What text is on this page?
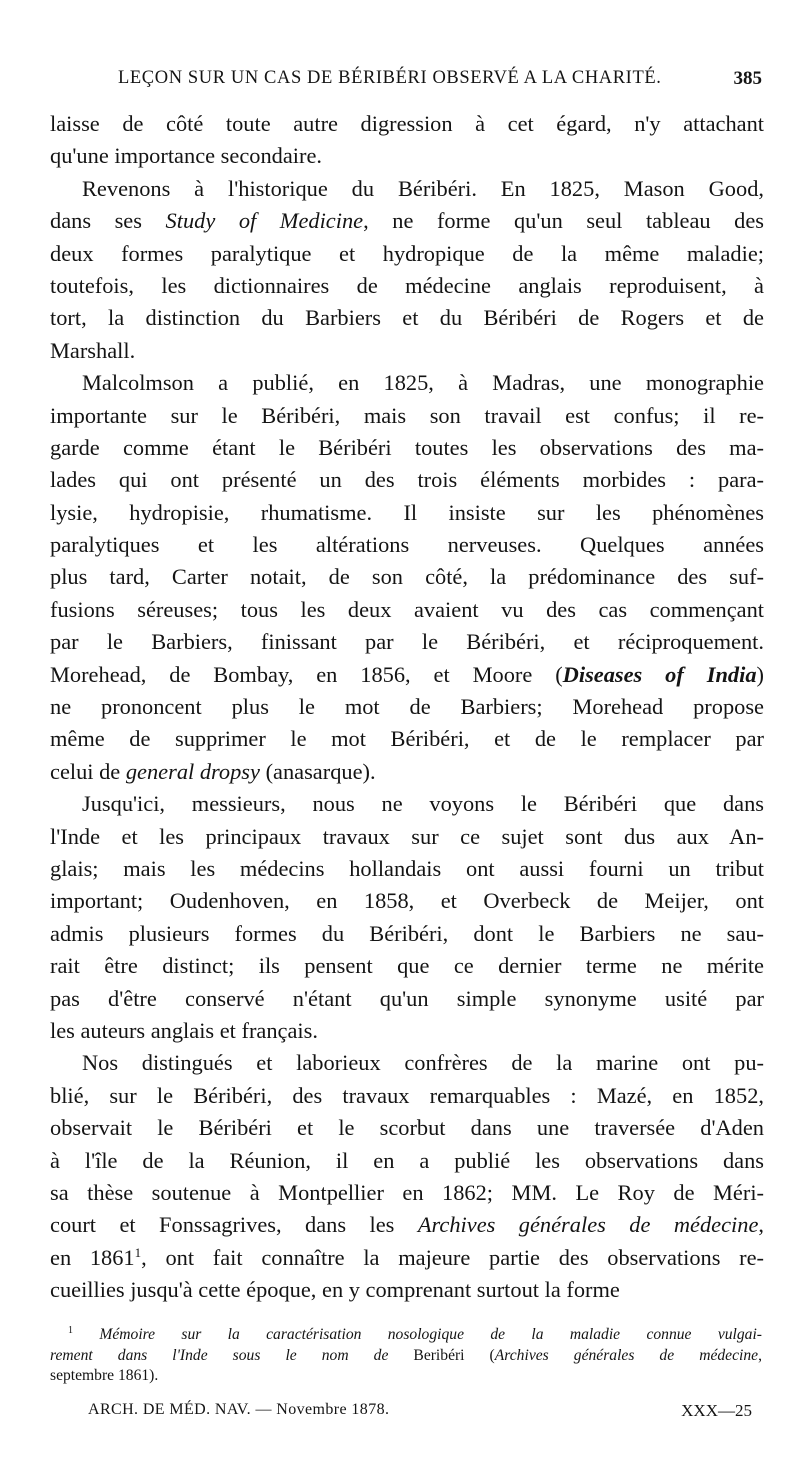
LEÇON SUR UN CAS DE BÉRIBÉRI OBSERVÉ A LA CHARITÉ.	385
laisse de côté toute autre digression à cet égard, n'y attachant
qu'une importance secondaire.
Revenons à l'historique du Béribéri. En 1825, Mason Good,
dans ses Study of Medicine, ne forme qu'un seul tableau des
deux formes paralytique et hydropique de la même maladie;
toutefois, les dictionnaires de médecine anglais reproduisent, à
tort, la distinction du Barbiers et du Béribéri de Rogers et de
Marshall.
Malcolmson a publié, en 1825, à Madras, une monographie
importante sur le Béribéri, mais son travail est confus; il re-
garde comme étant le Béribéri toutes les observations des ma-
lades qui ont présenté un des trois éléments morbides : para-
lysie, hydropisie, rhumatisme. Il insiste sur les phénomènes
paralytiques et les altérations nerveuses. Quelques années
plus tard, Carter notait, de son côté, la prédominance des suf-
fusions séreuses; tous les deux avaient vu des cas commençant
par le Barbiers, finissant par le Béribéri, et réciproquement.
Morehead, de Bombay, en 1856, et Moore (Diseases of India)
ne prononcent plus le mot de Barbiers; Morehead propose
même de supprimer le mot Béribéri, et de le remplacer par
celui de general dropsy (anasarque).
Jusqu'ici, messieurs, nous ne voyons le Béribéri que dans
l'Inde et les principaux travaux sur ce sujet sont dus aux An-
glais; mais les médecins hollandais ont aussi fourni un tribut
important; Oudenhoven, en 1858, et Overbeck de Meijer, ont
admis plusieurs formes du Béribéri, dont le Barbiers ne sau-
rait être distinct; ils pensent que ce dernier terme ne mérite
pas d'être conservé n'étant qu'un simple synonyme usité par
les auteurs anglais et français.
Nos distingués et laborieux confrères de la marine ont pu-
blié, sur le Béribéri, des travaux remarquables : Mazé, en 1852,
observait le Béribéri et le scorbut dans une traversée d'Aden
à l'île de la Réunion, il en a publié les observations dans
sa thèse soutenue à Montpellier en 1862; MM. Le Roy de Méri-
court et Fonssagrives, dans les Archives générales de médecine,
en 1861$^1$, ont fait connaître la majeure partie des observations re-
cueillies jusqu'à cette époque, en y comprenant surtout la forme
$^1$ Mémoire sur la caractérisation nosologique de la maladie connue vulgai-
rement dans l'Inde sous le nom de Beribéri (Archives générales de médecine,
septembre 1861).
ARCH. DE MÉD. NAV. — Novembre 1878.	XXX—25
